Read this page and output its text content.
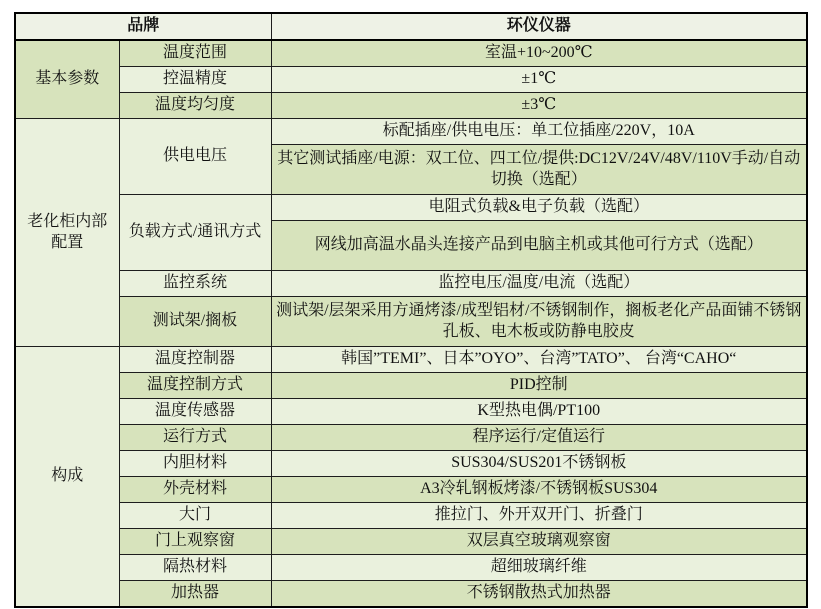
品牌		环仪仪器
基本参数	温度范围	室温+10~200℃
	控温精度	±1℃
	温度均匀度	±3℃
老化柜内部配置	供电电压	标配插座/供电电压：单工位插座/220V，10A
		其它测试插座/电源：双工位、四工位/提供:DC12V/24V/48V/110V手动/自动切换（选配）
	负载方式/通讯方式	电阻式负载&电子负载（选配）
		网线加高温水晶头连接产品到电脑主机或其他可行方式（选配）
	监控系统	监控电压/温度/电流（选配）
	测试架/搁板	测试架/层架采用方通烤漆/成型铝材/不锈钢制作，搁板老化产品面铺不锈钢孔板、电木板或防静电胶皮
构成	温度控制器	韩国”TEMI”、日本”OYO”、台湾”TATO”、 台湾“CAHO“
	温度控制方式	PID控制
	温度传感器	K型热电偶/PT100
	运行方式	程序运行/定值运行
	内胆材料	SUS304/SUS201不锈钢板
	外壳材料	A3冷轧钢板烤漆/不锈钢板SUS304
	大门	推拉门、外开双开门、折叠门
	门上观察窗	双层真空玻璃观察窗
	隔热材料	超细玻璃纤维
	加热器	不锈钢散热式加热器
